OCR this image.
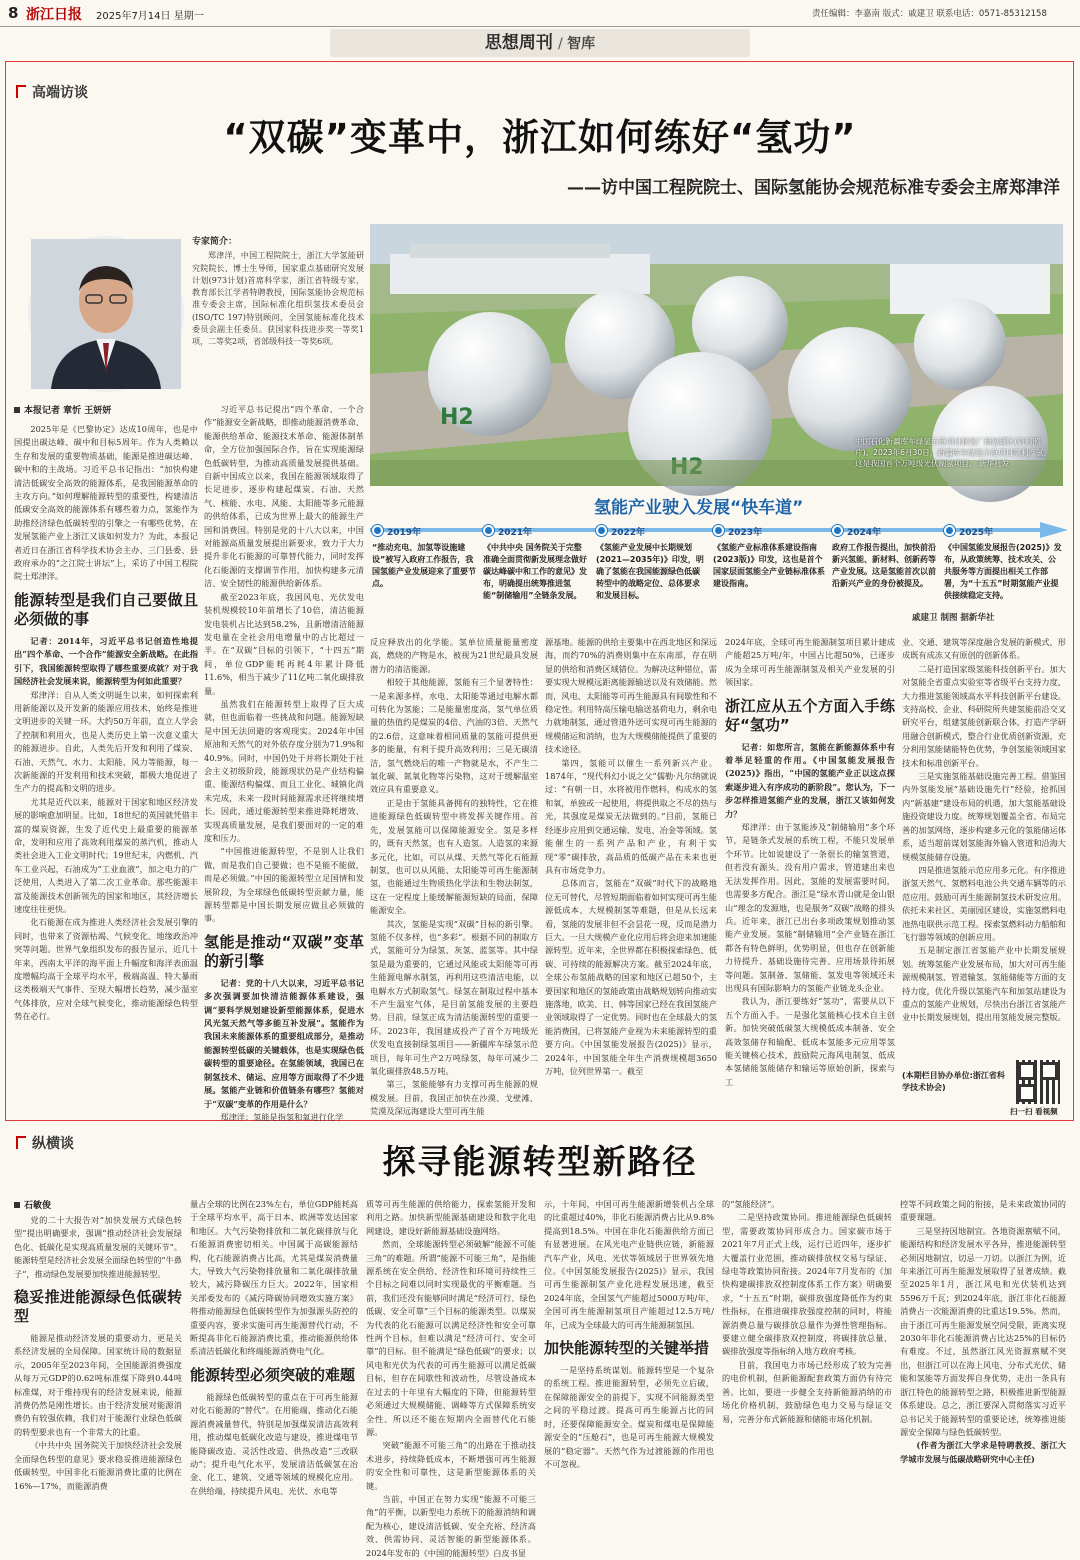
8 浙江日报 2025年7月14日 星期一	责任编辑：李嘉南 版式：戚建卫 联系电话：0571-85312158
思想周刊 / 智库
高端访谈
“双碳”变革中，浙江如何练好“氢功”
——访中国工程院院士、国际氢能协会规范标准专委会主席郑津洋
专家简介：
郑津洋，中国工程院院士，浙江大学氢能研究院院长、博士生导师，国家重点基础研究发展计划(973计划)首席科学家，浙江省特级专家，教育部长江学者特聘教授，国际氢能协会规范标准专委会主席，国际标准化组织氢技术委员会(ISO/TC 197)特别顾问，全国氢能标准化技术委员会副主任委员。获国家科技进步奖一等奖1项，二等奖2项，省部级科技一等奖6项。
H2
中国石化新疆库车绿氢示范项目制氢厂储氢罐区(资料照片)。2023年6月30日，新疆库车绿氢示范项目顺利产氢，这是我国首个万吨级光伏制氢项目。 新华社发
氢能产业驶入发展“快车道”
2019年	2021年	2022年	2023年	2024年	2025年
“推动充电、加氢等设施建设”被写入政府工作报告，我国氢能产业发展迎来了重要节点。
《中共中央 国务院关于完整准确全面贯彻新发展理念做好碳达峰碳中和工作的意见》发布，明确提出统筹推进氢能“制储输用”全链条发展。
《氢能产业发展中长期规划(2021—2035年)》印发，明确了氢能在我国能源绿色低碳转型中的战略定位、总体要求和发展目标。
《氢能产业标准体系建设指南(2023版)》印发，这也是首个国家层面氢能全产业链标准体系建设指南。
政府工作报告提出，加快前沿新兴氢能、新材料、创新药等产业发展。这是氢能首次以前沿新兴产业的身份被提及。
《中国氢能发展报告(2025)》发布，从政策统筹、技术攻关、公共服务等方面提出相关工作部署，为“十五五”时期氢能产业提供接续稳定支持。
戚建卫 制图 据新华社
本报记者 章忻 王妍妍

2025年是《巴黎协定》达成10周年，也是中国提出碳达峰、碳中和目标5周年。作为人类赖以生存和发展的重要物质基础，能源是推进碳达峰、碳中和的主战场。习近平总书记指出：“加快构建清洁低碳安全高效的能源体系，是我国能源革命的主攻方向。”如何理解能源转型的重要性，构建清洁低碳安全高效的能源体系有哪些着力点，氢能作为助推经济绿色低碳转型的引擎之一有哪些优势，在发展氢能产业上浙江又该如何发力？为此，本报记者近日在浙江省科学技术协会主办、三门县委、县政府承办的“之江院士讲坛”上，采访了中国工程院院士郑津洋。

能源转型是我们自己要做且必须做的事

记者：2014年，习近平总书记创造性地提出“四个革命、一个合作”能源安全新战略。在此指引下，我国能源转型取得了哪些重要成就？对于我国经济社会发展来说，能源转型为何如此重要？

郑津洋：自从人类文明诞生以来，如何探索利用新能源以及开发新的能源应用技术，始终是推进文明进步的关键一环。大约50万年前，直立人学会了控制和利用火，也是人类历史上第一次意义重大的能源进步。自此，人类先后开发和利用了煤炭、石油、天然气、水力、太阳能、风力等能源，每一次新能源的开发利用和技术突破，都极大地促进了生产力的提高和文明的进步。

尤其是近代以来，能源对于国家和地区经济发展的影响愈加明显。比如，18世纪的英国就凭借丰富的煤炭资源，生发了近代史上最重要的能源革命，发明和应用了高效利用煤炭的蒸汽机，推动人类社会进入工业文明时代；19世纪末，内燃机、汽车工业兴起，石油成为“工业血液”，加之电力的广泛使用，人类进入了第二次工业革命。那些能源丰富及能源技术创新领先的国家和地区，其经济增长速度往往更快。

化石能源在成为推进人类经济社会发展引擎的同时，也带来了资源枯竭、气候变化、地缘政治冲突等问题。世界气象组织发布的报告显示，近几十年来，西南太平洋的海平面上升幅度和海洋表面温度增幅均高于全球平均水平，极端高温、特大暴雨这类极端天气事件、至现大幅增长趋势，减少温室气体排放，应对全球气候变化，推动能源绿色转型势在必行。

习近平总书记提出“四个革命、一个合作”能源安全新战略，即推动能源消费革命、能源供给革命、能源技术革命、能源体制革命，全方位加强国际合作，旨在实现能源绿色低碳转型，为推动高质量发展提供基础。自新中国成立以来，我国在能源领域取得了长足进步，逐步构建起煤炭、石油、天然气、核能、水电、风能、太阳能等多元能源的供给体系，已成为世界上最大的能源生产国和消费国。特别是党的十八大以来，中国对能源高质量发展提出新要求，致力于大力提升非化石能源的可靠替代能力，同时发挥化石能源的支撑调节作用，加快构建多元清洁、安全韧性的能源供给新体系。

截至2023年底，我国风电、光伏发电装机规模较10年前增长了10倍，清洁能源发电装机占比达到58.2%，且新增清洁能源发电量在全社会用电增量中的占比超过一半。在“双碳”目标的引领下，“十四五”期间，单位GDP能耗再耗4年累计降低11.6%，相当于减少了11亿吨二氧化碳排放量。

虽然我们在能源转型上取得了巨大成就，但也面临着一些挑战和问题。能源短缺是中国无法回避的客观现实。2024年中国原油和天然气的对外依存度分别为71.9%和40.9%。同时，中国仍处于并将长期处于社会主义初级阶段，能源现状仍是产业结构偏重、能源结构偏煤、而且工业化、城镇化尚未完成，未来一段时间能源需求还将继续增长。因此，通过能源转型来推进降耗增效、实现高质量发展，是我们要面对的一定的难度和压力。

“中国推进能源转型，不是别人让我们做，而是我们自己要做；也不是能不能做，而是必须做。”中国的能源转型立足国情和发展阶段，为全球绿色低碳转型贡献力量，能源转型都是中国长期发展应做且必须做的事。

氢能是推动“双碳”变革的新引擎

记者：党的十八大以来，习近平总书记多次强调要加快清洁能源体系建设，强调“要科学规划建设新型能源体系，促进水风光氢天然气等多能互补发展”。氢能作为我国未来能源体系的重要组成部分，是推动能源转型低碳的关键载体，也是实现绿色低碳转型的重要途径。在氢能领域，我国已在制氢技术、储运、应用等方面取得了不少进展。氢能产业链和价值链条有哪些？氢能对于“双碳”变革的作用是什么？

郑津洋：氢能是指氢和氧进行化学

反应释放出的化学能。氢单位质量能量密度高，燃烧的产物是水，被视为21世纪最具发展潜力的清洁能源。

相较于其他能源，氢能有三个显著特性：一是来源多样，水电、太阳能等通过电解水都可转化为氢能；二是能量密度高，氢气单位质量的热值约是煤炭的4倍、汽油的3倍、天然气的2.6倍，这意味着相同质量的氢能可提供更多的能量，有利于提升高效利用；三是无碳清洁，氢气燃烧后的唯一产物就是水，不产生二氧化碳、氮氧化物等污染物，这对于缓解温室效应具有重要意义。

正是由于氢能具备拥有的独特性，它在推进能源绿色低碳转型中将发挥关键作用。首先，发展氢能可以保障能源安全。氢是多样的，既有天然氢，也有人造氢。人造氢的来源多元化，比如，可以从煤、天然气等化石能源制氢，也可以从风能、太阳能等可再生能源制氢，也能通过生物质热化学法和生物法制氢，这在一定程度上能缓解能源短缺的局面，保障能源安全。

其次，氢能是实现“双碳”目标的新引擎。氢能不仅多样，也“多彩”。根据不同的制取方式，氢能可分为绿氢、灰氢、蓝氢等。其中绿氢是最为重要的，它通过风能或太阳能等可再生能源电解水制氢，再利用这些清洁电能，以电解水方式制取氢气。绿氢在制取过程中基本不产生温室气体，是目前氢能发展的主要趋势。目前，绿氢正成为清洁能源转型的重要一环。2023年，我国建成投产了首个万吨级光伏发电直接制绿氢项目——新疆库车绿氢示范项目，每年可生产2万吨绿氢，每年可减少二氧化碳排放48.5万吨。

第三，氢能能够有力支撑可再生能源的规模发展。目前，我国正加快在沙漠、戈壁滩、荒漠及深远海建设大型可再生能

源基地。能源的供给主要集中在西北地区和深远海，而约70%的消费则集中在东南部，存在明显的供给和消费区域错位。为解决这种错位，需要实现大规模远距离能源输送以及有效储能。然而，风电、太阳能等可再生能源具有间歇性和不稳定性。利用特高压输电输送基荷电力，剩余电力就地制氢，通过管道外送可实现可再生能源的规模储运和消纳，也为大规模储能提供了重要的技术途径。

第四，氢能可以催生一系列新兴产业。1874年，“现代科幻小说之父”儒勒·凡尔纳就说过：“有朝一日，水将被用作燃料，构成水的氢和氧，单独或一起使用，将提供取之不尽的热与光，其强度是煤炭无法做到的。”目前，氢能已经逐步应用到交通运输、发电、冶金等领域。氢能催生的一系列产品和产业，有利于实现“零”碳排放，高品质的低碳产品在未来也更具有市场竞争力。

总体而言，氢能在“双碳”时代下的战略地位无可替代，尽管短期面临着如何实现可再生能源低成本、大规模制氢等难题，但是从长远来看，氢能的发展非但不会昙花一现，反而是潜力巨大。一旦大规模产业化应用后将会迎来加速能源转型。近年来，全世界都在积极探索绿色、低碳、可持续的能源解决方案。截至2024年底，全球公布氢能战略的国家和地区已超50个，主要国家和地区的氢能政策由战略规划转向推动实施落地，欧美、日、韩等国家已经在我国氢能产业领域取得了一定优势。同时也在全球最大的氢能消费国，已将氢能产业视为未来能源转型的重要方向。《中国氢能发展报告(2025)》显示，2024年，中国氢能全年生产消费规模超3650万吨，位列世界第一。截至

2024年底，全球可再生能源制氢项目累计建成产能超25万吨/年，中国占比超50%，已逐步成为全球可再生能源制氢及相关产业发展的引领国家。

浙江应从五个方面入手练好“氢功”

记者：如您所言，氢能在新能源体系中有着举足轻重的作用。《中国氢能发展报告(2025)》指出，“中国的氢能产业正以这点探索逐步进入有序成功的新阶段”。您认为，下一步怎样推进氢能产业的发展，浙江又该如何发力？

郑津洋：由于氢能涉及“制储输用”多个环节，是链条式发展的系统工程，不能只发展单个环节。比如说建设了一条很长的输氢管道，但若没有源头、没有用户需求，管道建出来也无法发挥作用。因此，氢能的发展需要时间，也需要多方配合。浙江是“绿水青山就是金山银山”理念的发源地，也是服务“双碳”战略的排头兵。近年来，浙江已出台多项政策规划推动氢能产业发展。氢能“制储输用”全产业链在浙江都各有特色鲜明，优势明显，但也存在创新能力待提升、基础设施待完善、应用场景待拓展等问题。氢制备、氢储能、氢发电等领域还未出现具有国际影响力的氢能产业链龙头企业。

我认为，浙江要练好“氢功”，需要从以下五个方面入手。一是强化氢能核心技术自主创新。加快突破低碳氢大规模低成本制备、安全高效氢储存和输配、低成本氢能多元应用等氢能关键核心技术，鼓励院元海风电制氢、低成本氢储能氢能储存和输运等原始创新，探索与工

业、交通、建筑等深度融合发展的新模式，形成既有成冻又有原创的创新体系。

二是打造国家级氢能科技创新平台。加大对氢能全省重点实验室等省级平台支持力度，大力推进氢能领域高水平科技创新平台建设。支持高校、企业、科研院所共建氢能前沿交叉研究平台，组建氢能创新联合体，打造产学研用融合创新模式，整合行业优质创新资源，充分利用氢能储能特色优势，争创氢能领域国家技术和标准创新平台。

三是实施氢能基础设施完善工程。借鉴国内外氢能发展“基础设施先行”经验，抢抓国内“新基建”建设布局的机遇，加大氢能基础设施投资建设力度。统筹规划覆盖全省、布局完善的加氢网络，逐步构建多元化的氢能储运体系，适当超前谋划氢能海外输入管道和沿海大规模氢能储存设施。

四是推进氢能示范应用多元化。有序推进浙氢天然气、氢燃料电池公共交通车辆等的示范应用。鼓励可再生能源制氢技术研发应用。依托未来社区、美丽园区建设，实施氢燃料电池热电联供示范工程。探索氢燃料动力船舶和飞行器等领域的创新应用。

五是制定浙江省氢能产业中长期发展规划。统筹氢能产业发展布局，加大对可再生能源规模制氢、管道输氢、氢能储能等方面的支持力度，优化升级以氢能汽车和加氢站建设为重点的氢能产业规划，尽快出台浙江省氢能产业中长期发展规划，提出用氢能发展完整版。

(本期栏目协办单位:浙江省科学技术协会)
扫一扫 看视频
纵横谈	探寻能源转型新路径
石敏俊

党的二十大报告对“加快发展方式绿色转型”提出明确要求，强调“推动经济社会发展绿色化、低碳化是实现高质量发展的关键环节”。能源转型是经济社会发展全面绿色转型的“牛鼻子”，推动绿色发展要加快推进能源转型。

稳妥推进能源绿色低碳转型

能源是推动经济发展的重要动力，更是关系经济发展的全局保障。国家统计局的数据显示，2005年至2023年间，全国能源消费强度从每万元GDP的0.62吨标准煤下降到0.44吨标准煤，对于维持现有的经济发展来说，能源消费仍然是刚性增长。由于经济发展对能源消费仍有较强依赖，我们对于能源行业绿色低碳的转型要求也有一个非常大的比重。

《中共中央 国务院关于加快经济社会发展全面绿色转型的意见》要求稳妥推进能源绿色低碳转型，中国非化石能源消费比重的比例在16%—17%，而能源消费

量占全球的比例在23%左右，单位GDP能耗高于全球平均水平，高于日本、欧洲等发达国家和地区。大气污染物排放和二氧化碳排放与化石能源消费密切相关。中国属于高碳能源结构，化石能源消费占比高，尤其是煤炭消费量大，导致大气污染物排放量和二氧化碳排放量较大，减污降碳压力巨大。2022年，国家相关部委发布的《减污降碳协同增效实施方案》将推动能源绿色低碳转型作为加强源头防控的重要内容，要求实施可再生能源替代行动，不断提高非化石能源消费比重，推动能源供给体系清洁低碳化和终端能源消费电气化。

能源转型必须突破的难题

能源绿色低碳转型的重点在于可再生能源对化石能源的“替代”。在用能端，推动化石能源消费减量替代，特别是加强煤炭清洁高效利用，推动煤电低碳化改造与建设，推进煤电节能降碳改造、灵活性改造、供热改造“三改联动”；提升电气化水平，发展清洁低碳氢在冶金、化工、建筑、交通等领域的规模化应用。在供给端，持续提升风电、光伏、水电等

质等可再生能源的供给能力，探索氢能开发和利用之路。加快新型能源基础建设和数字化电网建设，建设好新能源基础设施网络。

然而，全球能源转型必须破解“能源不可能三角”的难题。所谓“能源不可能三角”，是指能源系统在安全供给、经济性和环境可持续性三个目标之间难以同时实现最优的平衡难题。当前，我们还没有能够同时满足“经济可行、绿色低碳、安全可靠”三个目标的能源类型。以煤炭为代表的化石能源可以满足经济性和安全可靠性两个目标，但难以满足“经济可行、安全可靠”的目标。但不能满足“绿色低碳”的要求；以风电和光伏为代表的可再生能源可以满足低碳目标，但存在间歇性和波动性，尽管设备成本在过去的十年里有大幅度的下降，但能源转型必须通过大规模储能、调峰等方式保障系统安全性、所以还不能在短期内全面替代化石能源。

突破“能源不可能三角”的出路在于推动技术进步，持续降低成本，不断增强可再生能源的安全性和可靠性，这是新型能源体系的关键。

当前，中国正在努力实现“能源不可能三角”的平衡，以新型电力系统下的能源消纳和调配为核心，建设清洁低碳、安全充裕、经济高效、供需协同、灵活智能的新型能源体系。2024年发布的《中国的能源转型》白皮书显

示，十年间，中国可再生能源新增装机占全球的比重超过40%，非化石能源消费占比从9.8%提高到18.5%。中国在非化石能源供给方面已有显著进展。在风光电产业链供应链，新能源汽车产业，风电、光伏等领域居于世界领先地位。《中国氢能发展报告(2025)》显示，我国可再生能源制氢产业化进程发展迅速，截至2024年底，全国氢气产能超过5000万吨/年，全国可再生能源制氢项目产能超过12.5万吨/年，已成为全球最大的可再生能源制氢国。

加快能源转型的关键举措

一是坚持系统谋划。能源转型是一个复杂的系统工程。推进能源转型，必须先立后破，在保障能源安全的前提下，实现不同能源类型之间的平稳过渡。提高可再生能源占比的同时，还要保障能源安全。煤炭和煤电是保障能源安全的“压舱石”，也是可再生能源大规模发展的“稳定器”。天然气作为过渡能源的作用也不可忽视。

的“氢能经济”。

二是坚持政策协同。推进能源绿色低碳转型，需要政策协同形成合力。国家碳市场于2021年7月正式上线，运行已近四年，逐步扩大覆盖行业范围，推动碳排放权交易与绿证、绿电等政策协同衔接。2024年7月发布的《加快构建碳排放双控制度体系工作方案》明确要求，“十五五”时期，碳排放强度降低作为约束性指标，在推进碳排放强度控制的同时，将能源消费总量与碳排放总量作为弹性管理指标。要建立健全碳排放双控制度，将碳排放总量、碳排放强度等指标纳入地方政府考核。

目前，我国电力市场已经形成了较为完善的电价机制，但新能源配套政策方面仍有待完善。比如，要进一步健全支持新能源消纳的市场化价格机制，鼓励绿色电力交易与绿证交易，完善分布式新能源和储能市场化机制。

控等不同政策之间的衔接，是未来政策协同的重要课题。

三是坚持因地制宜。各地资源禀赋不同，能源结构和经济发展水平各异，推进能源转型必须因地制宜，切忌一刀切。以浙江为例，近年来浙江可再生能源发展取得了显著成绩。截至2025年1月，浙江风电和光伏装机达到5596万千瓦；到2024年底，浙江非化石能源消费占一次能源消费的比重达19.5%。然而，由于浙江可再生能源发展空间受限，距离实现2030年非化石能源消费占比达25%的目标仍有难度。不过，虽然浙江风光资源禀赋不突出，但浙江可以在海上风电、分布式光伏、储能和氢能等方面发挥自身优势，走出一条具有浙江特色的能源转型之路，积极推进新型能源体系建设。总之，浙江要深入贯彻落实习近平总书记关于能源转型的重要论述，统筹推进能源安全保障与绿色低碳转型。

(作者为浙江大学求是特聘教授、浙江大学城市发展与低碳战略研究中心主任)
